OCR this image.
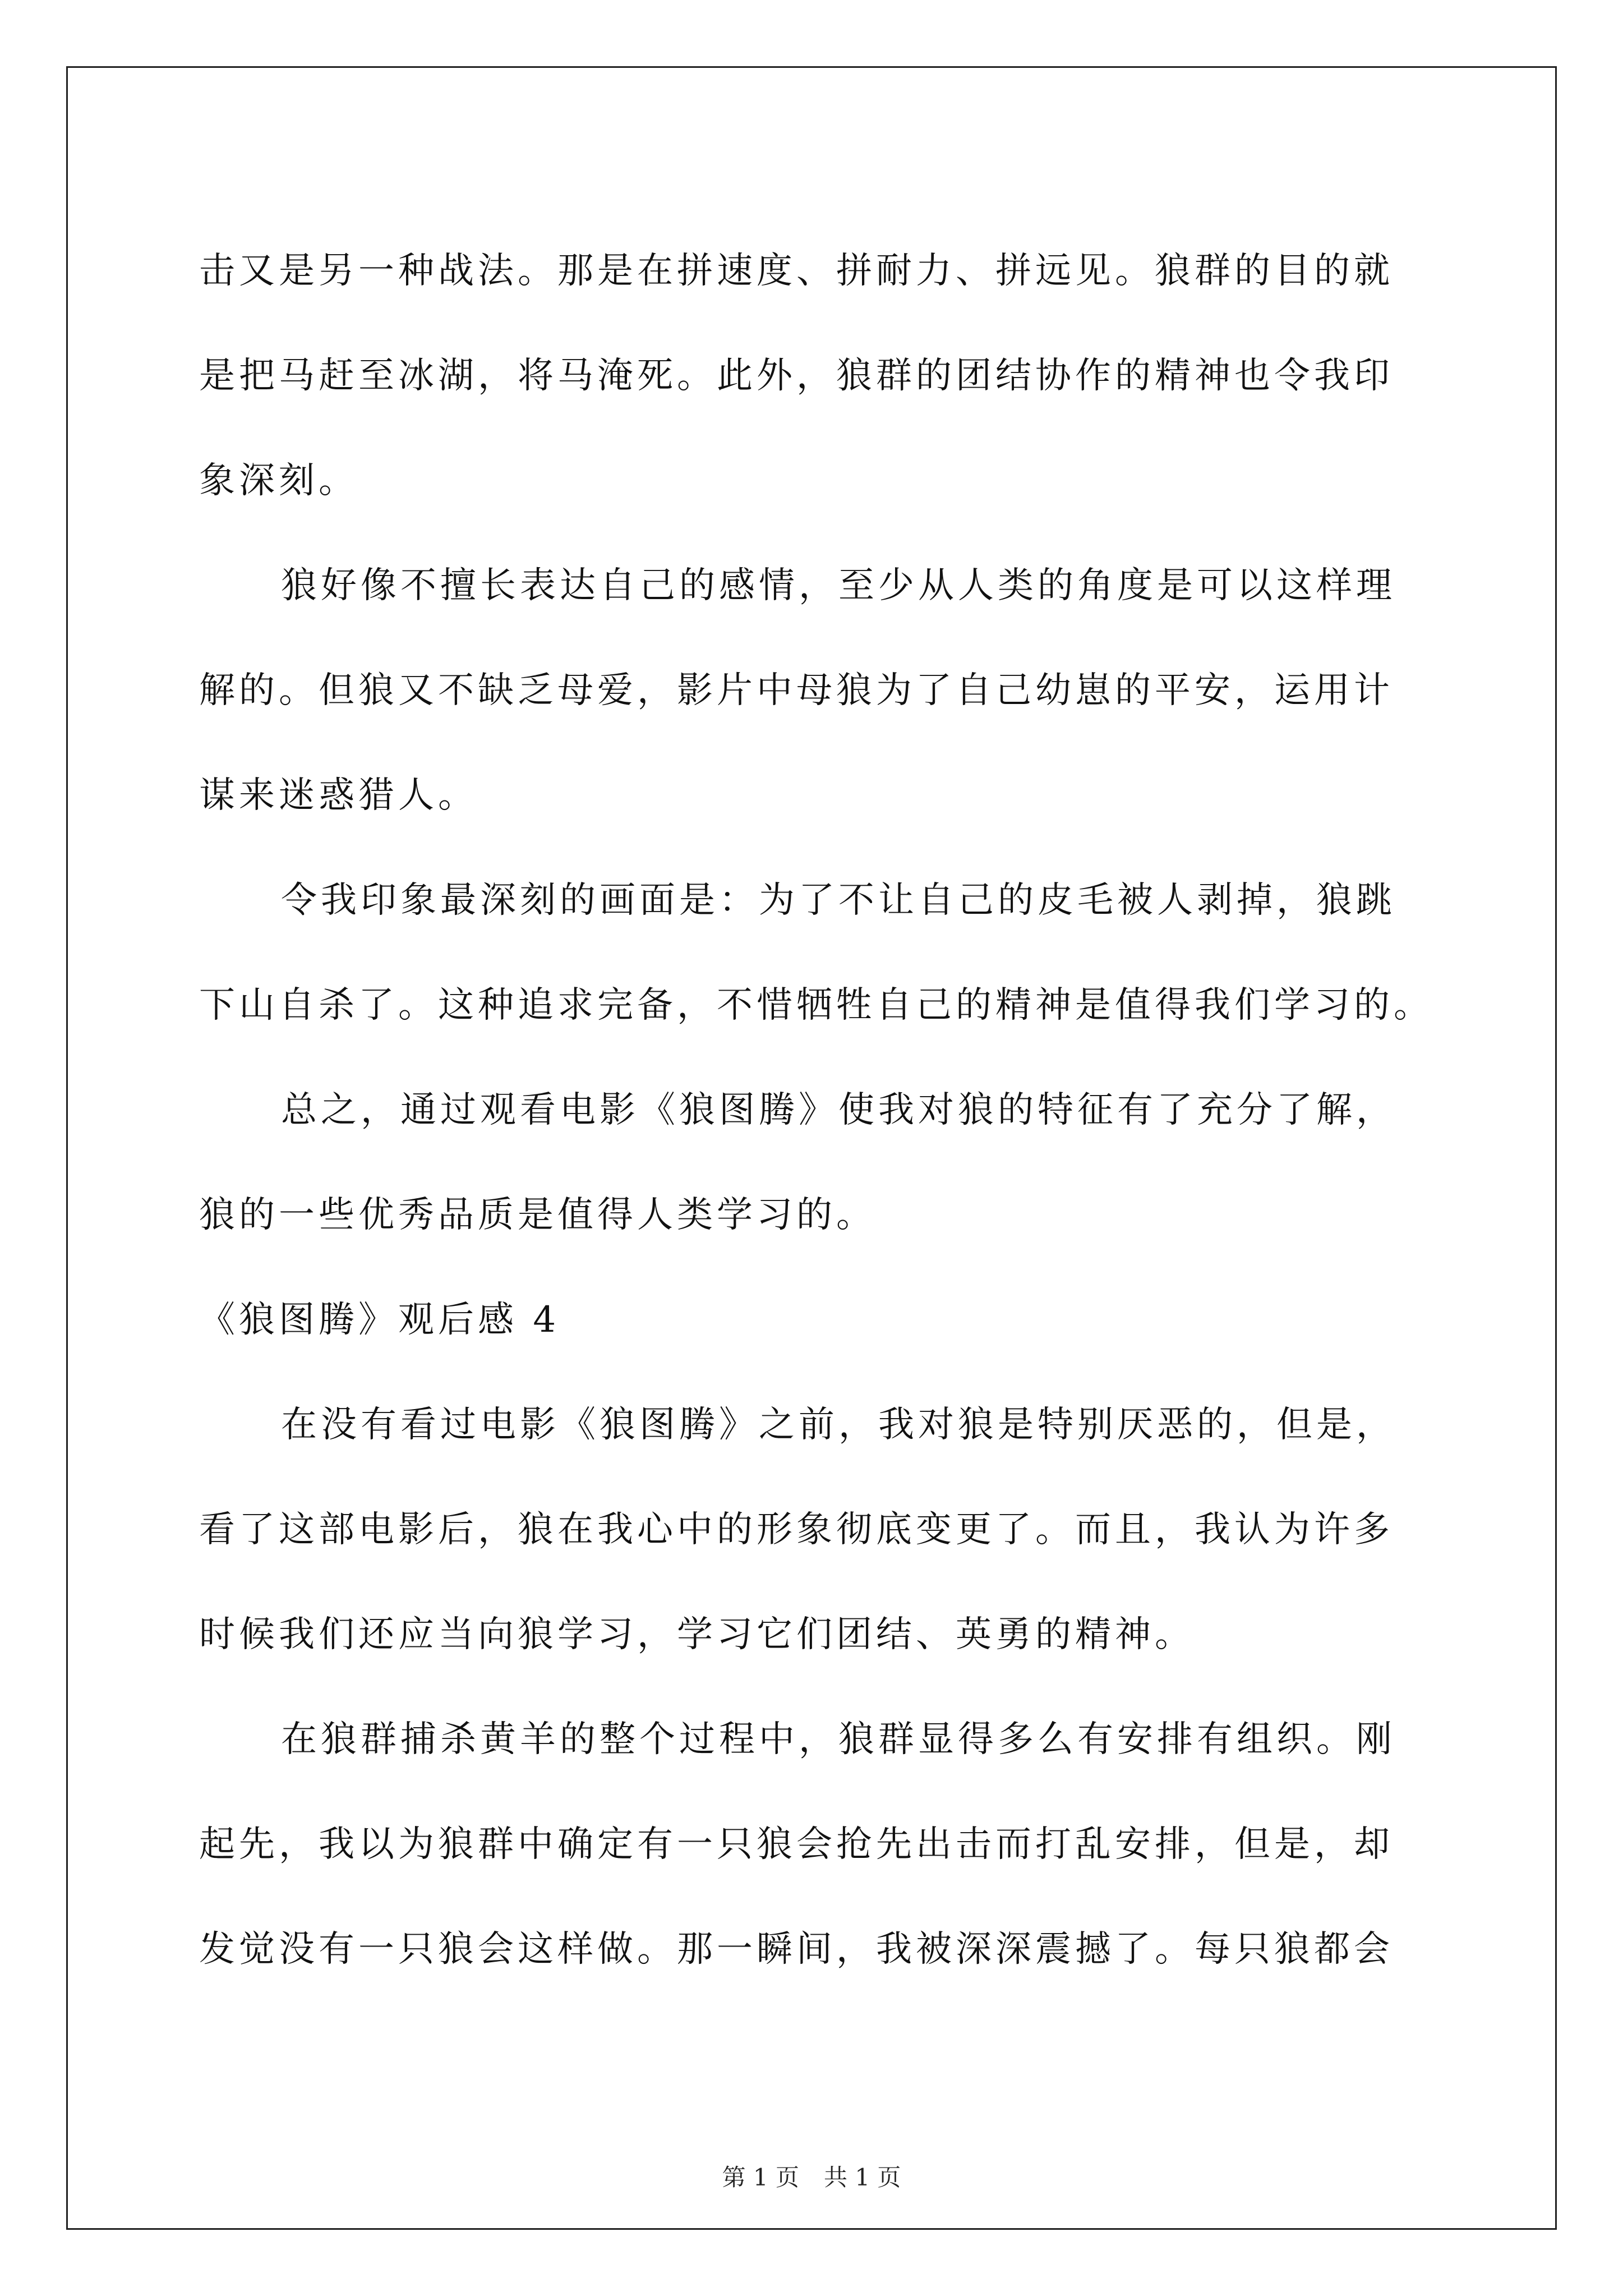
击又是另一种战法。那是在拼速度、拼耐力、拼远见。狼群的目的就
是把马赶至冰湖，将马淹死。此外，狼群的团结协作的精神也令我印
象深刻。
狼好像不擅长表达自己的感情，至少从人类的角度是可以这样理
解的。但狼又不缺乏母爱，影片中母狼为了自己幼崽的平安，运用计
谋来迷惑猎人。
令我印象最深刻的画面是：为了不让自己的皮毛被人剥掉，狼跳
下山自杀了。这种追求完备，不惜牺牲自己的精神是值得我们学习的。
总之，通过观看电影《狼图腾》使我对狼的特征有了充分了解，
狼的一些优秀品质是值得人类学习的。
《狼图腾》观后感 4
在没有看过电影《狼图腾》之前，我对狼是特别厌恶的，但是，
看了这部电影后，狼在我心中的形象彻底变更了。而且，我认为许多
时候我们还应当向狼学习，学习它们团结、英勇的精神。
在狼群捕杀黄羊的整个过程中，狼群显得多么有安排有组织。刚
起先，我以为狼群中确定有一只狼会抢先出击而打乱安排，但是，却
发觉没有一只狼会这样做。那一瞬间，我被深深震撼了。每只狼都会
第 1 页 共 1 页
